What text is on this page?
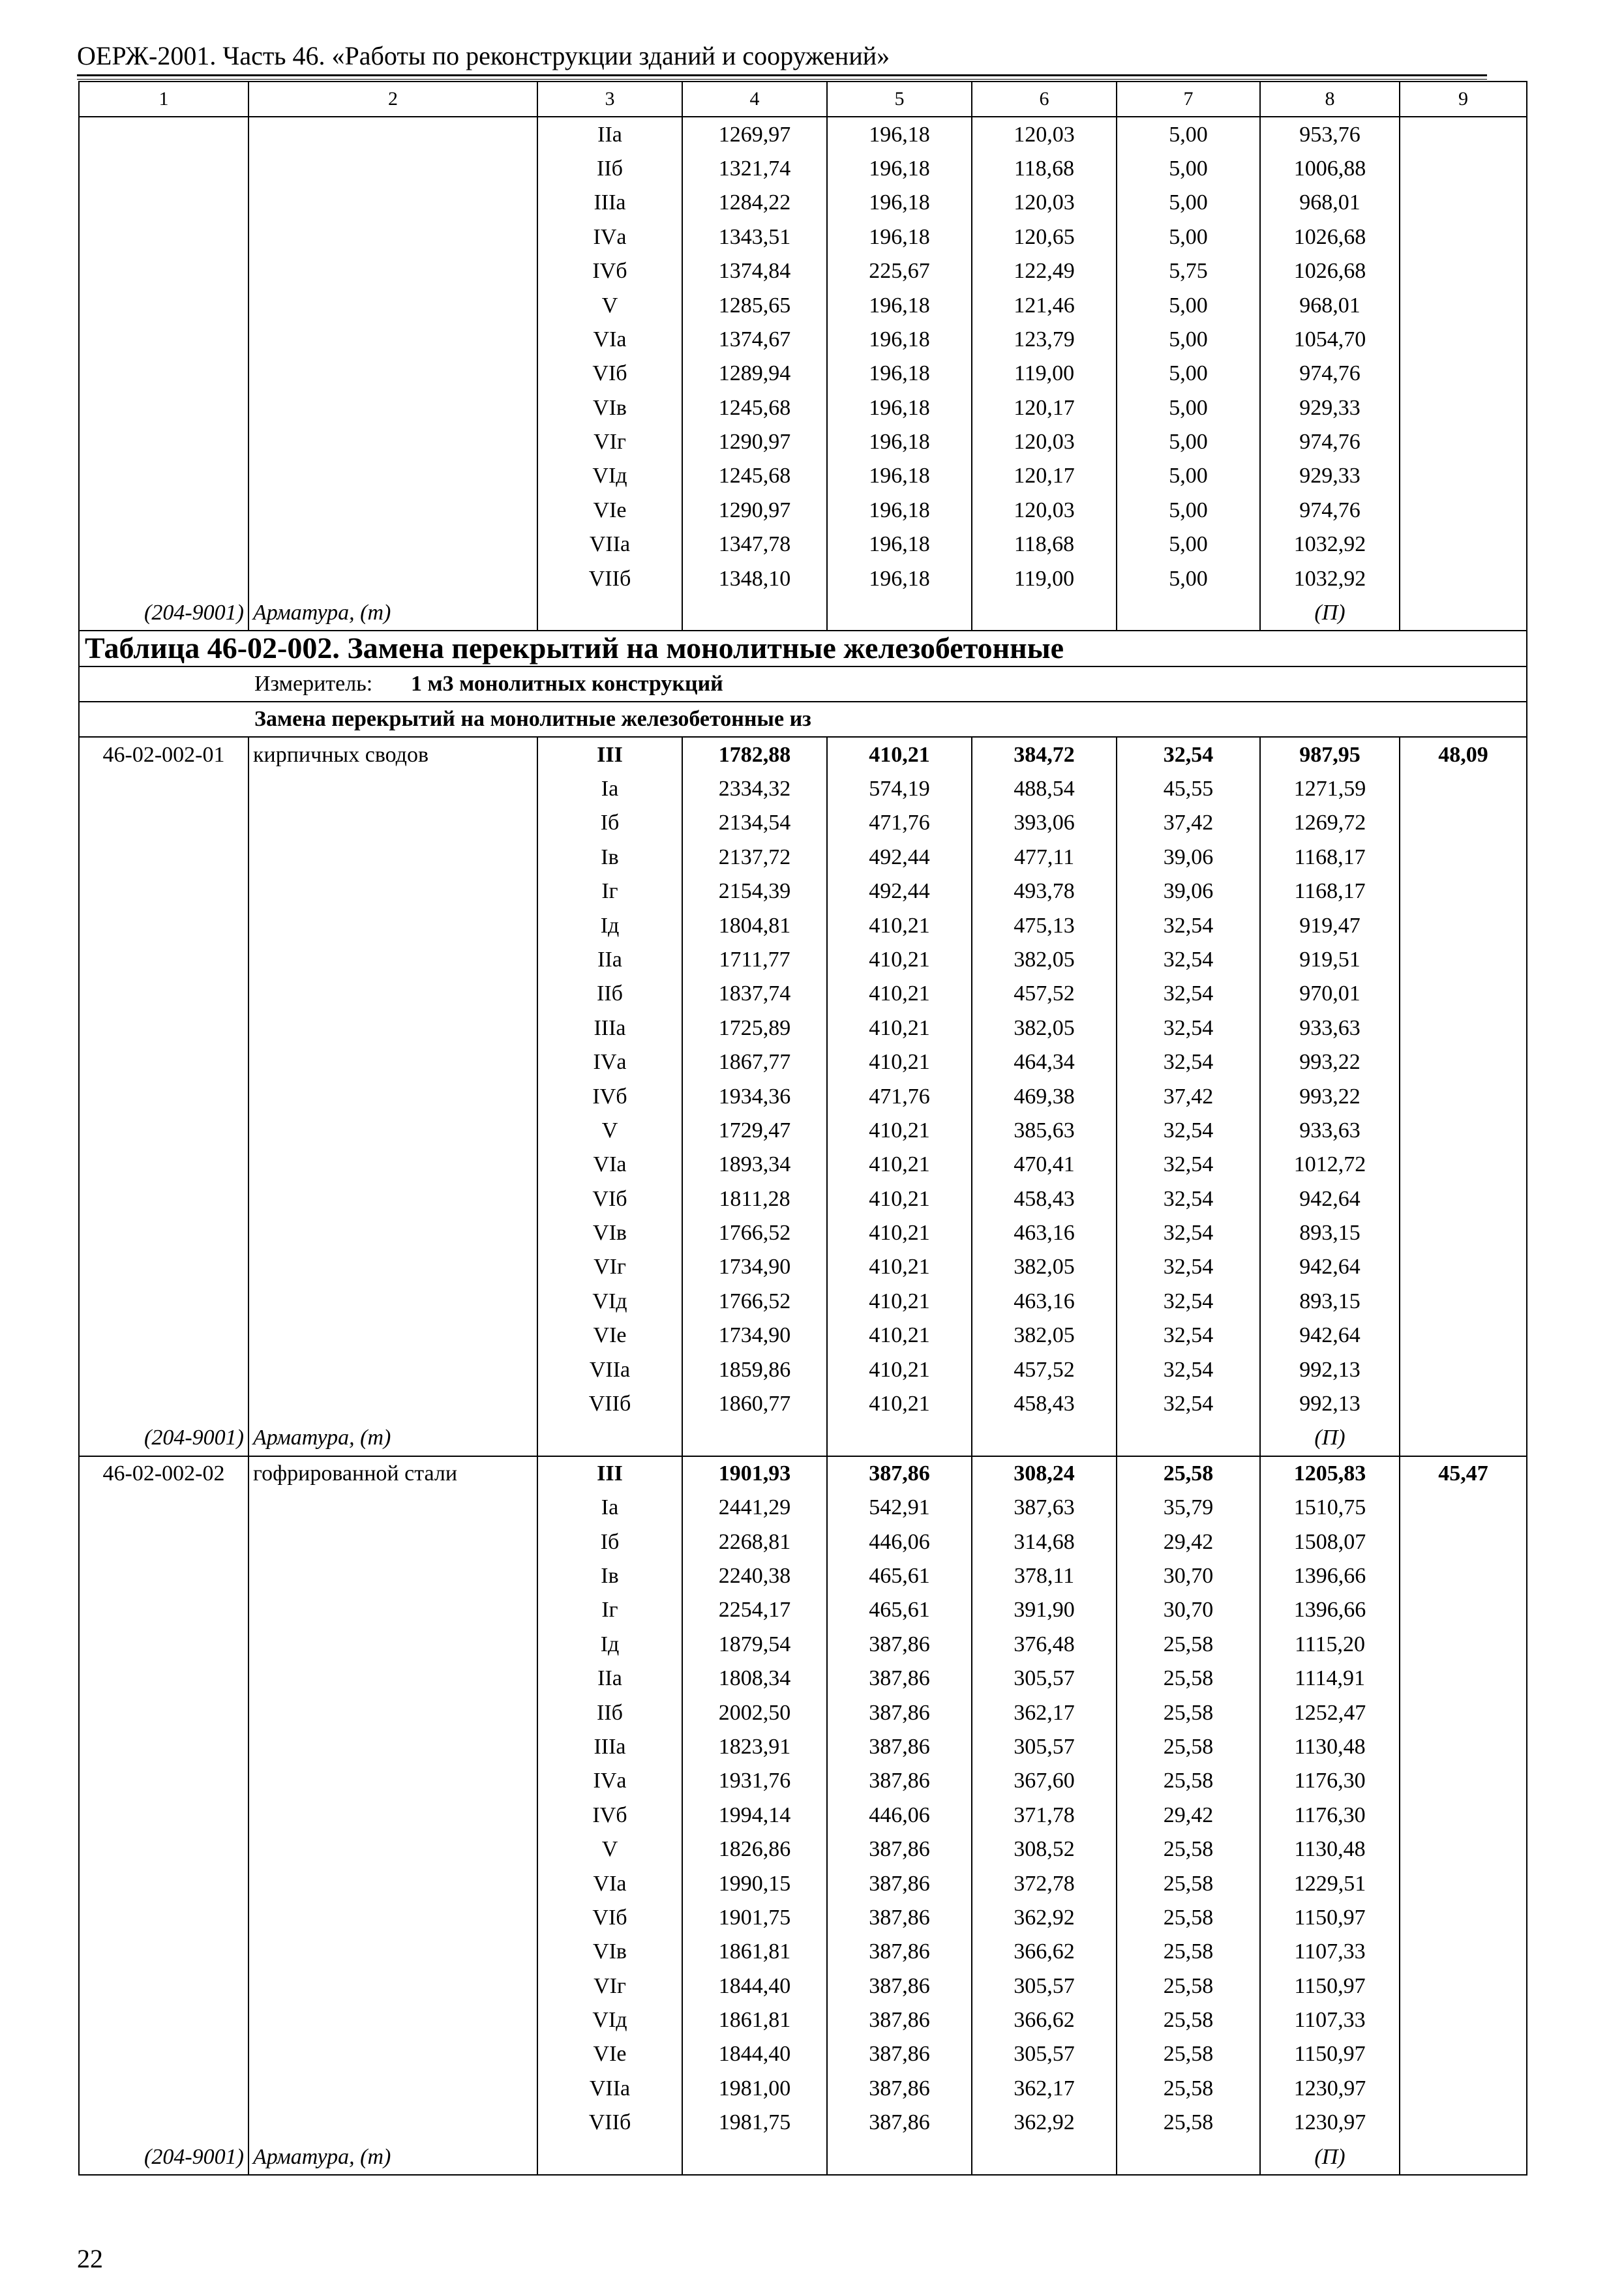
ОЕРЖ-2001. Часть 46. «Работы по реконструкции зданий и сооружений»
1	2	3	4	5	6	7	8	9
		IIа	1269,97	196,18	120,03	5,00	953,76	
		IIб	1321,74	196,18	118,68	5,00	1006,88	
		IIIа	1284,22	196,18	120,03	5,00	968,01	
		IVа	1343,51	196,18	120,65	5,00	1026,68	
		IVб	1374,84	225,67	122,49	5,75	1026,68	
		V	1285,65	196,18	121,46	5,00	968,01	
		VIа	1374,67	196,18	123,79	5,00	1054,70	
		VIб	1289,94	196,18	119,00	5,00	974,76	
		VIв	1245,68	196,18	120,17	5,00	929,33	
		VIг	1290,97	196,18	120,03	5,00	974,76	
		VIд	1245,68	196,18	120,17	5,00	929,33	
		VIе	1290,97	196,18	120,03	5,00	974,76	
		VIIа	1347,78	196,18	118,68	5,00	1032,92	
		VIIб	1348,10	196,18	119,00	5,00	1032,92	
(204-9001)	Арматура, (т)						(П)	
Таблица 46-02-002. Замена перекрытий на монолитные железобетонные								
Измеритель: 1 м3 монолитных конструкций								
Замена перекрытий на монолитные железобетонные из								
46-02-002-01	кирпичных сводов	III	1782,88	410,21	384,72	32,54	987,95	48,09
		Iа	2334,32	574,19	488,54	45,55	1271,59	
		Iб	2134,54	471,76	393,06	37,42	1269,72	
		Iв	2137,72	492,44	477,11	39,06	1168,17	
		Iг	2154,39	492,44	493,78	39,06	1168,17	
		Iд	1804,81	410,21	475,13	32,54	919,47	
		IIа	1711,77	410,21	382,05	32,54	919,51	
		IIб	1837,74	410,21	457,52	32,54	970,01	
		IIIа	1725,89	410,21	382,05	32,54	933,63	
		IVа	1867,77	410,21	464,34	32,54	993,22	
		IVб	1934,36	471,76	469,38	37,42	993,22	
		V	1729,47	410,21	385,63	32,54	933,63	
		VIа	1893,34	410,21	470,41	32,54	1012,72	
		VIб	1811,28	410,21	458,43	32,54	942,64	
		VIв	1766,52	410,21	463,16	32,54	893,15	
		VIг	1734,90	410,21	382,05	32,54	942,64	
		VIд	1766,52	410,21	463,16	32,54	893,15	
		VIе	1734,90	410,21	382,05	32,54	942,64	
		VIIа	1859,86	410,21	457,52	32,54	992,13	
		VIIб	1860,77	410,21	458,43	32,54	992,13	
(204-9001)	Арматура, (т)						(П)	
46-02-002-02	гофрированной стали	III	1901,93	387,86	308,24	25,58	1205,83	45,47
		Iа	2441,29	542,91	387,63	35,79	1510,75	
		Iб	2268,81	446,06	314,68	29,42	1508,07	
		Iв	2240,38	465,61	378,11	30,70	1396,66	
		Iг	2254,17	465,61	391,90	30,70	1396,66	
		Iд	1879,54	387,86	376,48	25,58	1115,20	
		IIа	1808,34	387,86	305,57	25,58	1114,91	
		IIб	2002,50	387,86	362,17	25,58	1252,47	
		IIIа	1823,91	387,86	305,57	25,58	1130,48	
		IVа	1931,76	387,86	367,60	25,58	1176,30	
		IVб	1994,14	446,06	371,78	29,42	1176,30	
		V	1826,86	387,86	308,52	25,58	1130,48	
		VIа	1990,15	387,86	372,78	25,58	1229,51	
		VIб	1901,75	387,86	362,92	25,58	1150,97	
		VIв	1861,81	387,86	366,62	25,58	1107,33	
		VIг	1844,40	387,86	305,57	25,58	1150,97	
		VIд	1861,81	387,86	366,62	25,58	1107,33	
		VIе	1844,40	387,86	305,57	25,58	1150,97	
		VIIа	1981,00	387,86	362,17	25,58	1230,97	
		VIIб	1981,75	387,86	362,92	25,58	1230,97	
(204-9001)	Арматура, (т)						(П)	
22
